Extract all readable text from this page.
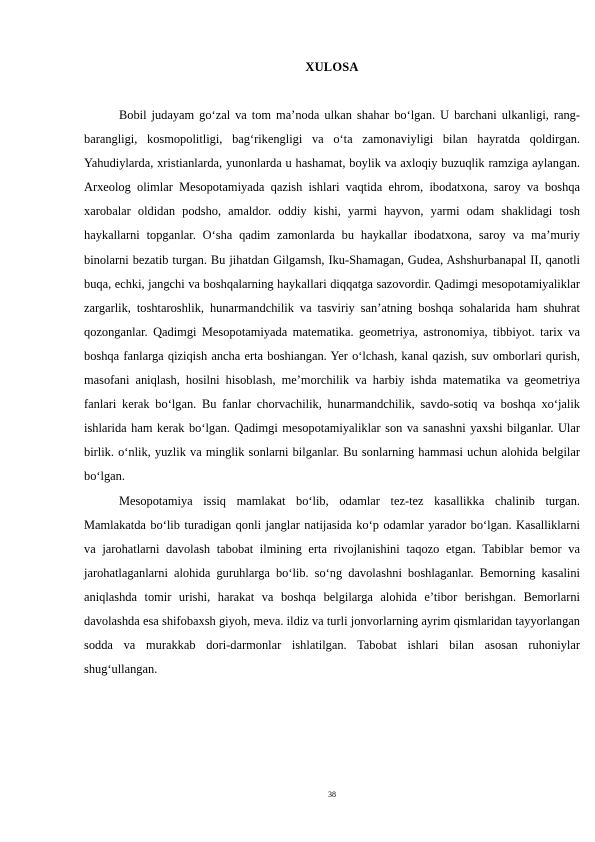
XULOSA

Bobil judayam go‘zal va tom ma’noda ulkan shahar bo‘lgan. U barchani ulkanligi, rang-barangligi, kosmopolitligi, bag‘rikengligi va o‘ta zamonaviyligi bilan hayratda qoldirgan. Yahudiylarda, xristianlarda, yunonlarda u hashamat, boylik va axloqiy buzuqlik ramziga aylangan. Arxeolog olimlar Mesopotamiyada qazish ishlari vaqtida ehrom, ibodatxona, saroy va boshqa xarobalar oldidan podsho, amaldor. oddiy kishi, yarmi hayvon, yarmi odam shaklidagi tosh haykallarni topganlar. O‘sha qadim zamonlarda bu haykallar ibodatxona, saroy va ma’muriy binolarni bezatib turgan. Bu jihatdan Gilgamsh, Iku-Shamagan, Gudea, Ashshurbanapal II, qanotli buqa, echki, jangchi va boshqalarning haykallari diqqatga sazovordir. Qadimgi mesopotamiyaliklar zargarlik, toshtaroshlik, hunarmandchilik va tasviriy san’atning boshqa sohalarida ham shuhrat qozonganlar. Qadimgi Mesopotamiyada matematika. geometriya, astronomiya, tibbiyot. tarix va boshqa fanlarga qiziqish ancha erta boshiangan. Yer o‘lchash, kanal qazish, suv omborlari qurish, masofani aniqlash, hosilni hisoblash, me’morchilik va harbiy ishda matematika va geometriya fanlari kerak bo‘lgan. Bu fanlar chorvachilik, hunarmandchilik, savdo-sotiq va boshqa xo‘jalik ishlarida ham kerak bo‘lgan. Qadimgi mesopotamiyaliklar son va sanashni yaxshi bilganlar. Ular birlik. o‘nlik, yuzlik va minglik sonlarni bilganlar. Bu sonlarning hammasi uchun alohida belgilar bo‘lgan.

Mesopotamiya issiq mamlakat bo‘lib, odamlar tez-tez kasallikka chalinib turgan. Mamlakatda bo‘lib turadigan qonli janglar natijasida ko‘p odamlar yarador bo‘lgan. Kasalliklarni va jarohatlarni davolash tabobat ilmining erta rivojlanishini taqozo etgan. Tabiblar bemor va jarohatlaganlarni alohida guruhlarga bo‘lib. so‘ng davolashni boshlaganlar. Bemorning kasalini aniqlashda tomir urishi, harakat va boshqa belgilarga alohida e’tibor berishgan. Bemorlarni davolashda esa shifobaxsh giyoh, meva. ildiz va turli jonvorlarning ayrim qismlaridan tayyorlangan sodda va murakkab dori-darmonlar ishlatilgan. Tabobat ishlari bilan asosan ruhoniylar shug‘ullangan.

38
